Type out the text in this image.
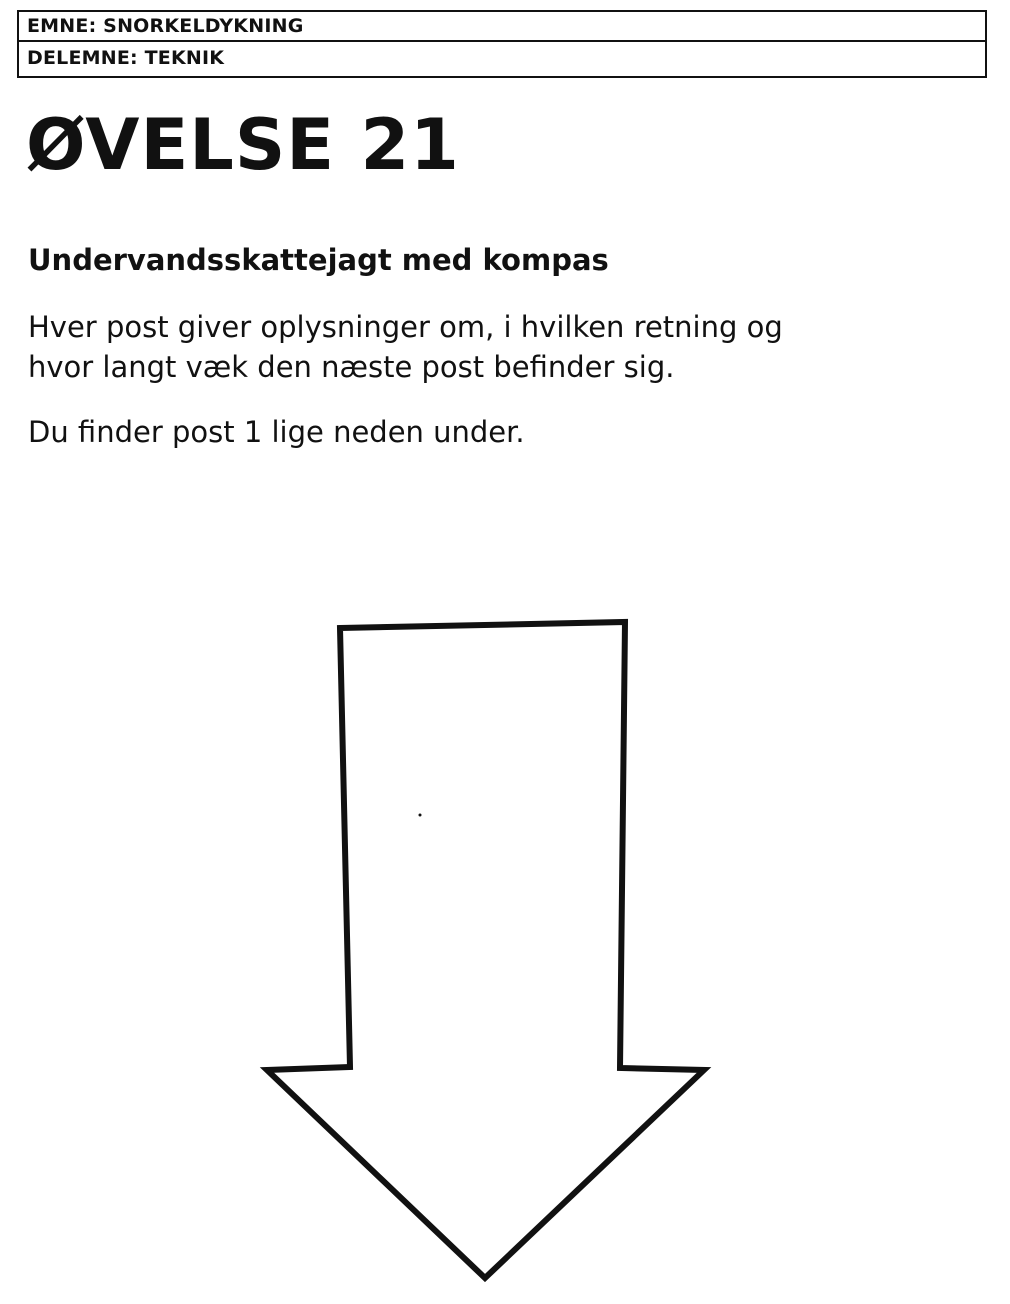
EMNE: SNORKELDYKNING
DELEMNE: TEKNIK
ØVELSE 21
Undervandsskattejagt med kompas

Hver post giver oplysninger om, i hvilken retning og
hvor langt væk den næste post befinder sig.

Du finder post 1 lige neden under.
